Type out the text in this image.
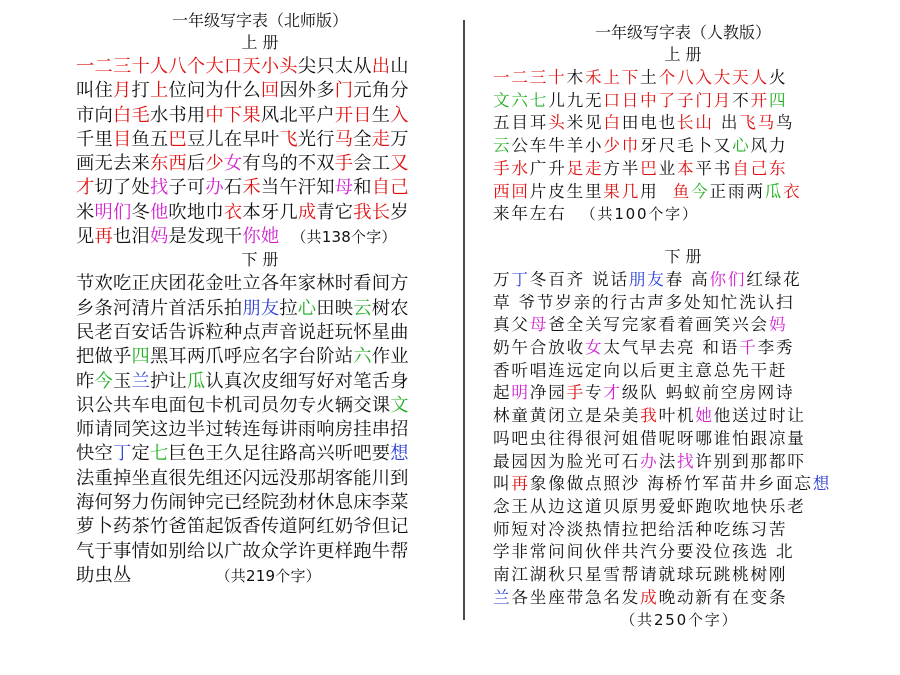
一年级写字表（北师版）
上 册
一二三十人八个大口天小头尖只太从出山
叫住月打上位问为什么回因外多门元角分
市向白毛水书用中下果风北平户开日生入
千里目鱼五巴豆儿在早叶飞光行马全走万
画无去来东西后少女有鸟的不双手会工又
才切了处找子可办石禾当午汗知母和自己
米明们冬他吹地巾衣本牙几成青它我长岁
见再也泪妈是发现干你她 （共138个字）
下 册
节欢吃正庆团花金吐立各年家林时看间方
乡条河清片首活乐拍朋友拉心田映云树农
民老百安话告诉粒种点声音说赶玩怀星曲
把做乎四黑耳两爪呼应名字台阶站六作业
昨今玉兰护让瓜认真次皮细写好对笔舌身
识公共车电面包卡机司员勿专火辆交课文
师请同笑这边半过转连每讲雨响房挂串招
快空丁定七巨色王久足往路高兴听吧要想
法重掉坐直很先组还闪远没那胡客能川到
海何努力伤闹钟完已经院劲材休息床李菜
萝卜药茶竹爸笛起饭香传道阿红奶爷但记
气于事情如别给以广故众学许更样跑牛帮
助虫丛	（共219个字）
一年级写字表（人教版）
上 册
一二三十木禾上下土个八入大天人火
文六七儿九无口日中了子门月不开四
五目耳头米见白田电也长山 出飞马鸟
云公车牛羊小少巾牙尺毛卜又心风力
手水广升足走方半巴业本平书自己东
西回片皮生里果几用  鱼今正雨两瓜衣
来年左右  （共100个字）
下 册
万丁冬百齐 说话朋友春 高你们红绿花
草 爷节岁亲的行古声多处知忙洗认扫
真父母爸全关写完家看着画笑兴会妈
奶午合放收女太气早去亮 和语千李秀
香听唱连远定向以后更主意总先干赶
起明净园手专才级队 蚂蚁前空房网诗
林童黄闭立是朵美我叶机她他送过时让
吗吧虫往得很河姐借呢呀哪谁怕跟凉量
最园因为脸光可石办法找许别到那都吓
叫再象像做点照沙 海桥竹军苗井乡面忘想
念王从边这道贝原男爱虾跑吹地快乐老
师短对冷淡热情拉把给活种吃练习苦
学非常问间伙伴共汽分要没位孩选 北
南江湖秋只星雪帮请就球玩跳桃树刚
兰各坐座带急名发成晚动新有在变条
（共250个字）
